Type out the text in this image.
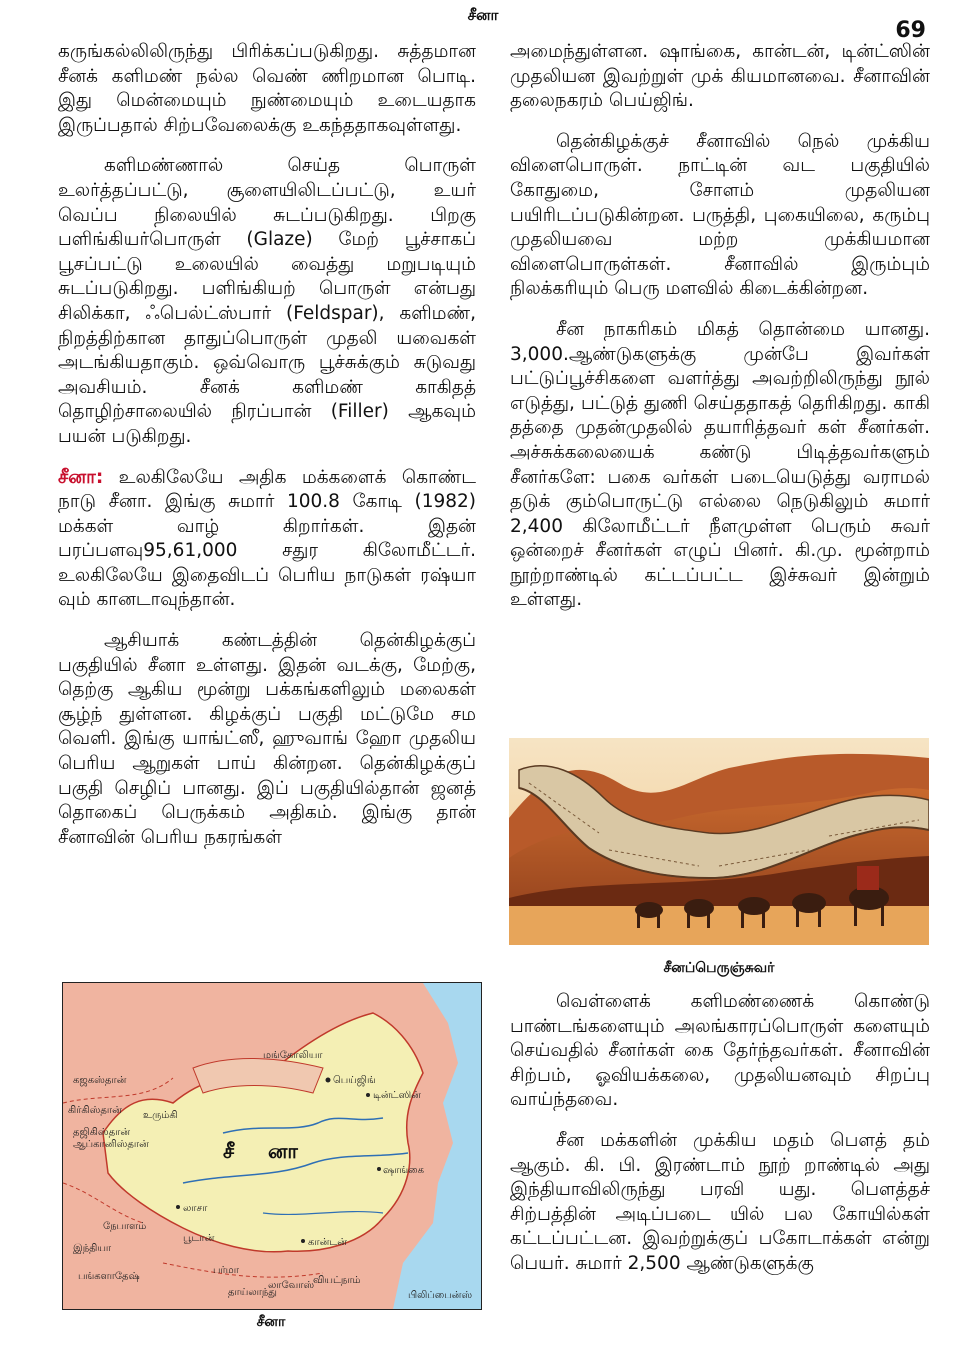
சீனா
69

கருங்கல்லிலிருந்து பிரிக்கப்படுகிறது. சுத்தமான சீனக் களிமண் நல்ல வெண் ணிறமான பொடி. இது மென்மையும் நுண்மையும் உடையதாக இருப்பதால் சிற்பவேலைக்கு உகந்ததாகவுள்ளது.

களிமண்ணால் செய்த பொருள் உலர்த்தப்பட்டு, சூளையிலிடப்பட்டு, உயர் வெப்ப நிலையில் சுடப்படுகிறது. பிறகு பளிங்கியர்பொருள் (Glaze) மேற் பூச்சாகப் பூசப்பட்டு உலையில் வைத்து மறுபடியும் சுடப்படுகிறது. பளிங்கியற் பொருள் என்பது சிலிக்கா, ஃபெல்ட்ஸ்பார் (Feldspar), களிமண், நிறத்திற்கான தாதுப்பொருள் முதலி யவைகள் அடங்கியதாகும். ஒவ்வொரு பூச்சுக்கும் சுடுவது அவசியம். சீனக் களிமண் காகிதத் தொழிற்சாலையில் நிரப்பான் (Filler) ஆகவும் பயன் படுகிறது.

சீனா: உலகிலேயே அதிக மக்களைக் கொண்ட நாடு சீனா. இங்கு சுமார் 100.8 கோடி (1982) மக்கள் வாழ் கிறார்கள். இதன் பரப்பளவு95,61,000 சதுர கிலோமீட்டர். உலகிலேயே இதைவிடப் பெரிய நாடுகள் ரஷ்யா வும் கானடாவுந்தான்.

ஆசியாக் கண்டத்தின் தென்கிழக்குப் பகுதியில் சீனா உள்ளது. இதன் வடக்கு, மேற்கு, தெற்கு ஆகிய மூன்று பக்கங்களிலும் மலைகள் சூழ்ந் துள்ளன. கிழக்குப் பகுதி மட்டுமே சம வெளி. இங்கு யாங்ட்ஸீ, ஹுவாங் ஹோ முதலிய பெரிய ஆறுகள் பாய் கின்றன. தென்கிழக்குப் பகுதி செழிப் பானது. இப் பகுதியில்தான் ஜனத் தொகைப் பெருக்கம் அதிகம். இங்கு தான் சீனாவின் பெரிய நகரங்கள்

அமைந்துள்ளன. ஷாங்கை, கான்டன், டின்ட்ஸின் முதலியன இவற்றுள் முக் கியமானவை. சீனாவின் தலைநகரம் பெய்ஜிங்.

தென்கிழக்குச் சீனாவில் நெல் முக்கிய விளைபொருள். நாட்டின் வட பகுதியில் கோதுமை, சோளம் முதலியன பயிரிடப்படுகின்றன. பருத்தி, புகையிலை, கரும்பு முதலியவை மற்ற முக்கியமான விளைபொருள்கள். சீனாவில் இரும்பும் நிலக்கரியும் பெரு மளவில் கிடைக்கின்றன.

சீன நாகரிகம் மிகத் தொன்மை யானது. 3,000.ஆண்டுகளுக்கு முன்பே இவர்கள் பட்டுப்பூச்சிகளை வளர்த்து அவற்றிலிருந்து நூல் எடுத்து, பட்டுத் துணி செய்ததாகத் தெரிகிறது. காகி தத்தை முதன்முதலில் தயாரித்தவர் கள் சீனர்கள். அச்சுக்கலையைக் கண்டு பிடித்தவர்களும் சீனர்களே: பகை வர்கள் படையெடுத்து வராமல் தடுக் கும்பொருட்டு எல்லை நெடுகிலும் சுமார் 2,400 கிலோமீட்டர் நீளமுள்ள பெரும் சுவர் ஒன்றைச் சீனர்கள் எழுப் பினர். கி.மு. மூன்றாம் நூற்றாண்டில் கட்டப்பட்ட இச்சுவர் இன்றும் உள்ளது.

சீனப்பெருஞ்சுவர்

வெள்ளைக் களிமண்ணைக் கொண்டு பாண்டங்களையும் அலங்காரப்பொருள் களையும் செய்வதில் சீனர்கள் கை தேர்ந்தவர்கள். சீனாவின் சிற்பம், ஓவியக்கலை, முதலியனவும் சிறப்பு வாய்ந்தவை.

சீன மக்களின் முக்கிய மதம் பௌத் தம் ஆகும். கி. பி. இரண்டாம் நூற் றாண்டில் அது இந்தியாவிலிருந்து பரவி யது. பௌத்தச் சிற்பத்தின் அடிப்படை யில் பல கோயில்கள் கட்டப்பட்டன. இவற்றுக்குப் பகோடாக்கள் என்று பெயர். சுமார் 2,500 ஆண்டுகளுக்கு

மங்கோலியா
சீ னா
கஜகஸ்தான்
கிர்கிஸ்தான் உரும்கி
தஜிகிஸ்தான்
ஆப்கானிஸ்தான்
டின்ட்ஸின்
பெய்ஜிங்
ஷாங்கை
லாசா
நேபாளம்
பூடான்
இந்தியா
பர்மா
கான்டன்
பங்களாதேஷ்
தாய்லாந்து
வியட்நாம்
லாவோஸ்
பிலிப்பைன்ஸ்
சீனா
